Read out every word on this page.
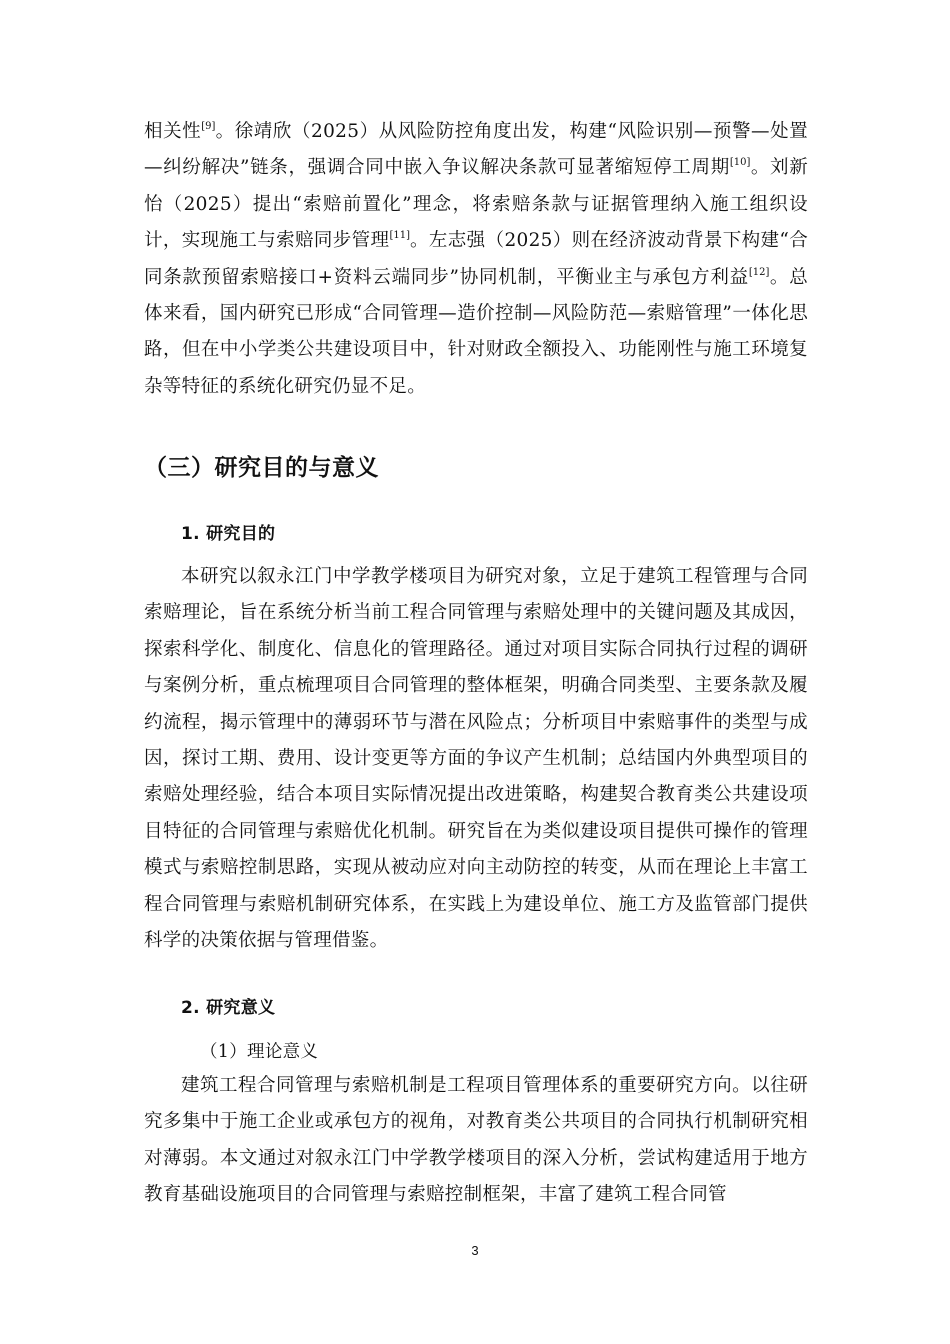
相关性[9]。徐靖欣（2025）从风险防控角度出发，构建“风险识别—预警—处置—纠纷解决”链条，强调合同中嵌入争议解决条款可显著缩短停工周期[10]。刘新怡（2025）提出“索赔前置化”理念，将索赔条款与证据管理纳入施工组织设计，实现施工与索赔同步管理[11]。左志强（2025）则在经济波动背景下构建“合同条款预留索赔接口+资料云端同步”协同机制，平衡业主与承包方利益[12]。总体来看，国内研究已形成“合同管理—造价控制—风险防范—索赔管理”一体化思路，但在中小学类公共建设项目中，针对财政全额投入、功能刚性与施工环境复杂等特征的系统化研究仍显不足。

（三）研究目的与意义
1. 研究目的

本研究以叙永江门中学教学楼项目为研究对象，立足于建筑工程管理与合同索赔理论，旨在系统分析当前工程合同管理与索赔处理中的关键问题及其成因，探索科学化、制度化、信息化的管理路径。通过对项目实际合同执行过程的调研与案例分析，重点梳理项目合同管理的整体框架，明确合同类型、主要条款及履约流程，揭示管理中的薄弱环节与潜在风险点；分析项目中索赔事件的类型与成因，探讨工期、费用、设计变更等方面的争议产生机制；总结国内外典型项目的索赔处理经验，结合本项目实际情况提出改进策略，构建契合教育类公共建设项目特征的合同管理与索赔优化机制。研究旨在为类似建设项目提供可操作的管理模式与索赔控制思路，实现从被动应对向主动防控的转变，从而在理论上丰富工程合同管理与索赔机制研究体系，在实践上为建设单位、施工方及监管部门提供科学的决策依据与管理借鉴。

2. 研究意义
（1）理论意义

建筑工程合同管理与索赔机制是工程项目管理体系的重要研究方向。以往研究多集中于施工企业或承包方的视角，对教育类公共项目的合同执行机制研究相对薄弱。本文通过对叙永江门中学教学楼项目的深入分析，尝试构建适用于地方教育基础设施项目的合同管理与索赔控制框架，丰富了建筑工程合同管

3
